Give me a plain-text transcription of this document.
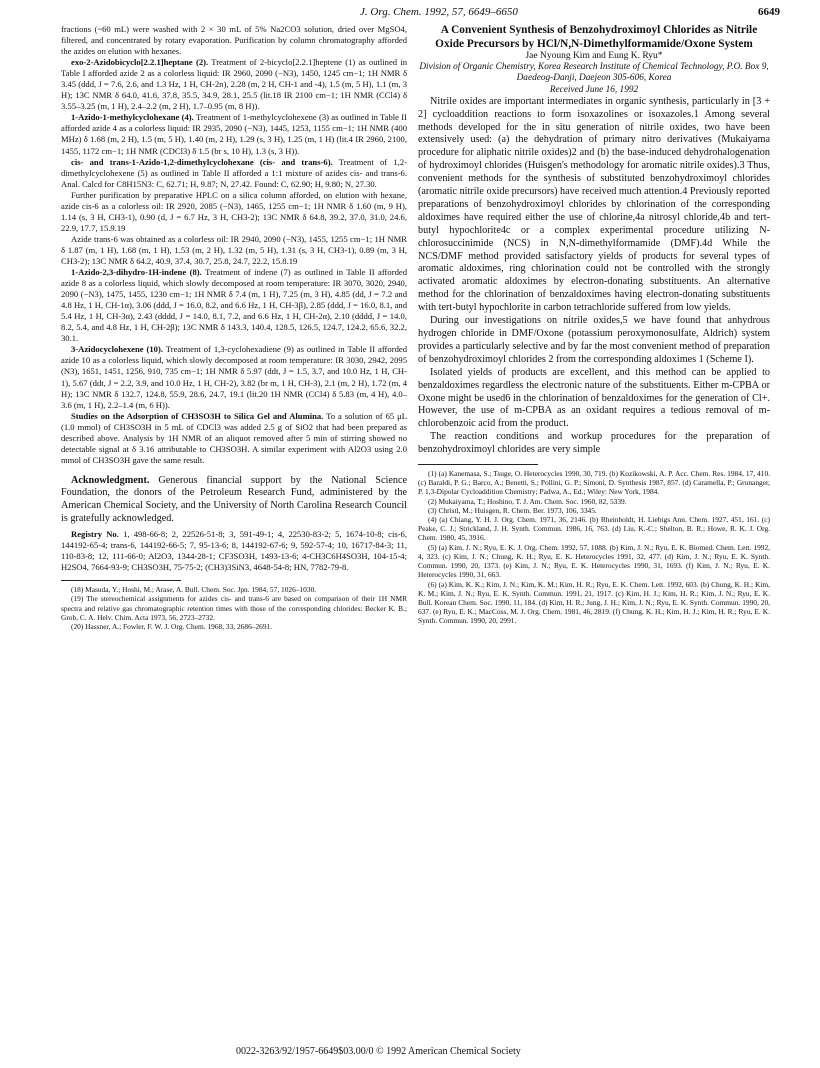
J. Org. Chem. 1992, 57, 6649–6650	6649

fractions (~60 mL) were washed with 2 × 30 mL of 5% Na2CO3 solution, dried over MgSO4, filtered, and concentrated by rotary evaporation. Purification by column chromatography afforded the azides on elution with hexanes.

exo-2-Azidobicyclo[2.2.1]heptane (2). Treatment of 2-bicyclo[2.2.1]heptene (1) as outlined in Table I afforded azide 2 as a colorless liquid: IR 2960, 2090 (−N3), 1450, 1245 cm−1; 1H NMR δ 3.45 (ddd, J = 7.6, 2.6, and 1.3 Hz, 1 H, CH-2n), 2.28 (m, 2 H, CH-1 and -4), 1.5 (m, 5 H), 1.1 (m, 3 H); 13C NMR δ 64.0, 41.6, 37.8, 35.5, 34.9, 28.1, 25.5 (lit.18 IR 2100 cm−1; 1H NMR (CCl4) δ 3.55–3.25 (m, 1 H), 2.4–2.2 (m, 2 H), 1.7–0.95 (m, 8 H)).

1-Azido-1-methylcyclohexane (4). Treatment of 1-methylcyclohexene (3) as outlined in Table II afforded azide 4 as a colorless liquid: IR 2935, 2090 (−N3), 1445, 1253, 1155 cm−1; 1H NMR (400 MHz) δ 1.68 (m, 2 H), 1.5 (m, 5 H), 1.40 (m, 2 H), 1.29 (s, 3 H), 1.25 (m, 1 H) (lit.4 IR 2960, 2100, 1455, 1172 cm−1; 1H NMR (CDCl3) δ 1.5 (br s, 10 H), 1.3 (s, 3 H)).

cis- and trans-1-Azido-1,2-dimethylcyclohexane (cis- and trans-6). Treatment of 1,2-dimethylcyclohexene (5) as outlined in Table II afforded a 1:1 mixture of azides cis- and trans-6. Anal. Calcd for C8H15N3: C, 62.71; H, 9.87; N, 27.42. Found: C, 62.90; H, 9.80; N, 27.30.

Further purification by preparative HPLC on a silica column afforded, on elution with hexane, azide cis-6 as a colorless oil: IR 2920, 2085 (−N3), 1465, 1255 cm−1; 1H NMR δ 1.60 (m, 9 H), 1.14 (s, 3 H, CH3-1), 0.90 (d, J = 6.7 Hz, 3 H, CH3-2); 13C NMR δ 64.8, 39.2, 37.0, 31.0, 24.6, 22.9, 17.7, 15.9.19

Azide trans-6 was obtained as a colorless oil: IR 2940, 2090 (−N3), 1455, 1255 cm−1; 1H NMR δ 1.87 (m, 1 H), 1.68 (m, 1 H), 1.53 (m, 2 H), 1.32 (m, 5 H), 1.31 (s, 3 H, CH3-1), 0.89 (m, 3 H, CH3-2); 13C NMR δ 64.2, 40.9, 37.4, 30.7, 25.8, 24.7, 22.2, 15.8.19

1-Azido-2,3-dihydro-1H-indene (8). Treatment of indene (7) as outlined in Table II afforded azide 8 as a colorless liquid, which slowly decomposed at room temperature: IR 3070, 3020, 2940, 2090 (−N3), 1475, 1455, 1230 cm−1; 1H NMR δ 7.4 (m, 1 H), 7.25 (m, 3 H), 4.85 (dd, J = 7.2 and 4.8 Hz, 1 H, CH-1α), 3.06 (ddd, J = 16.0, 8.2, and 6.6 Hz, 1 H, CH-3β), 2.85 (ddd, J = 16.0, 8.1, and 5.4 Hz, 1 H, CH-3α), 2.43 (dddd, J = 14.0, 8.1, 7.2, and 6.6 Hz, 1 H, CH-2α), 2.10 (dddd, J = 14.0, 8.2, 5.4, and 4.8 Hz, 1 H, CH-2β); 13C NMR δ 143.3, 140.4, 128.5, 126.5, 124.7, 124.2, 65.6, 32.2, 30.1.

3-Azidocyclohexene (10). Treatment of 1,3-cyclohexadiene (9) as outlined in Table II afforded azide 10 as a colorless liquid, which slowly decomposed at room temperature: IR 3030, 2942, 2095 (N3), 1651, 1451, 1256, 910, 735 cm−1; 1H NMR δ 5.97 (ddt, J = 1.5, 3.7, and 10.0 Hz, 1 H, CH-1), 5.67 (ddt, J = 2.2, 3.9, and 10.0 Hz, 1 H, CH-2), 3.82 (br m, 1 H, CH-3), 2.1 (m, 2 H), 1.72 (m, 4 H); 13C NMR δ 132.7, 124.8, 55.9, 28.6, 24.7, 19.1 (lit.20 1H NMR (CCl4) δ 5.83 (m, 4 H), 4.0–3.6 (m, 1 H), 2.2–1.4 (m, 6 H)).

Studies on the Adsorption of CH3SO3H to Silica Gel and Alumina. To a solution of 65 μL (1.0 mmol) of CH3SO3H in 5 mL of CDCl3 was added 2.5 g of SiO2 that had been prepared as described above. Analysis by 1H NMR of an aliquot removed after 5 min of stirring showed no detectable signal at δ 3.16 attributable to CH3SO3H. A similar experiment with Al2O3 using 2.0 mmol of CH3SO3H gave the same result.

Acknowledgment. Generous financial support by the National Science Foundation, the donors of the Petroleum Research Fund, administered by the American Chemical Society, and the University of North Carolina Research Council is gratefully acknowledged.

Registry No. 1, 498-66-8; 2, 22526-51-8; 3, 591-49-1; 4, 22530-83-2; 5, 1674-10-8; cis-6, 144192-65-4; trans-6, 144192-66-5; 7, 95-13-6; 8, 144192-67-6; 9, 592-57-4; 10, 16717-84-3; 11, 110-83-8; 12, 111-66-0; Al2O3, 1344-28-1; CF3SO3H, 1493-13-6; 4-CH3C6H4SO3H, 104-15-4; H2SO4, 7664-93-9; CH3SO3H, 75-75-2; (CH3)3SiN3, 4648-54-8; HN, 7782-79-8.

(18) Masuda, Y.; Hoshi, M.; Arase, A. Bull. Chem. Soc. Jpn. 1984, 57, 1026–1030.

(19) The stereochemical assignments for azides cis- and trans-6 are based on comparison of their 1H NMR spectra and relative gas chromatographic retention times with those of the corresponding chlorides: Becker K. B.; Grob, C. A. Helv. Chim. Acta 1973, 56, 2723–2732.

(20) Hassner, A.; Fowler, F. W. J. Org. Chem. 1968, 33, 2686–2691.

A Convenient Synthesis of Benzohydroximoyl Chlorides as Nitrile Oxide Precursors by HCl/N,N-Dimethylformamide/Oxone System

Jae Nyoung Kim and Eung K. Ryu*

Division of Organic Chemistry, Korea Research Institute of Chemical Technology, P.O. Box 9, Daedeog-Danji, Daejeon 305-606, Korea

Received June 16, 1992

Nitrile oxides are important intermediates in organic synthesis, particularly in [3 + 2] cycloaddition reactions to form isoxazolines or isoxazoles.1 Among several methods developed for the in situ generation of nitrile oxides, two have been extensively used: (a) the dehydration of primary nitro derivatives (Mukaiyama procedure for aliphatic nitrile oxides)2 and (b) the base-induced dehydrohalogenation of hydroximoyl chlorides (Huisgen's methodology for aromatic nitrile oxides).3 Thus, convenient methods for the synthesis of substituted benzohydroximoyl chlorides (aromatic nitrile oxide precursors) have received much attention.4 Previously reported preparations of benzohydroximoyl chlorides by chlorination of the corresponding aldoximes have required either the use of chlorine,4a nitrosyl chloride,4b and tert-butyl hypochlorite4c or a complex experimental procedure utilizing N-chlorosuccinimide (NCS) in N,N-dimethylformamide (DMF).4d While the NCS/DMF method provided satisfactory yields of products for several types of aromatic aldoximes, ring chlorination could not be controlled with the strongly activated aromatic aldoximes by electron-donating substituents. An alternative method for the chlorination of benzaldoximes having electron-donating substituents with tert-butyl hypochlorite in carbon tetrachloride suffered from low yields.

During our investigations on nitrile oxides,5 we have found that anhydrous hydrogen chloride in DMF/Oxone (potassium peroxymonosulfate, Aldrich) system provides a particularly selective and by far the most convenient method of preparation of benzohydroximoyl chlorides 2 from the corresponding aldoximes 1 (Scheme I).

Isolated yields of products are excellent, and this method can be applied to benzaldoximes regardless the electronic nature of the substituents. Either m-CPBA or Oxone might be used6 in the chlorination of benzaldoximes for the generation of Cl+. However, the use of m-CPBA as an oxidant requires a tedious removal of m-chlorobenzoic acid from the product.

The reaction conditions and workup procedures for the preparation of benzohydroximoyl chlorides are very simple

(1) (a) Kanemasa, S.; Tsuge, O. Heterocycles 1990, 30, 719. (b) Kozikowski, A. P. Acc. Chem. Res. 1984, 17, 410. (c) Baraldi, P. G.; Barco, A.; Benetti, S.; Pollini, G. P.; Simoni, D. Synthesis 1987, 857. (d) Caramella, P.; Grunanger, P. 1,3-Dipolar Cycloaddition Chemistry; Padwa, A., Ed.; Wiley: New York, 1984.

(2) Mukaiyama, T.; Hoshino, T. J. Am. Chem. Soc. 1960, 82, 5339.

(3) Christl, M.; Huisgen, R. Chem. Ber. 1973, 106, 3345.

(4) (a) Chiang, Y. H. J. Org. Chem. 1971, 36, 2146. (b) Rheinboldt, H. Liebigs Ann. Chem. 1927, 451, 161. (c) Peake, C. J.; Strickland, J. H. Synth. Commun. 1986, 16, 763. (d) Liu, K.-C.; Shelton, B. R.; Howe, R. K. J. Org. Chem. 1980, 45, 3916.

(5) (a) Kim, J. N.; Ryu, E. K. J. Org. Chem. 1992, 57, 1088. (b) Kim, J. N.; Ryu, E. K. Biomed. Chem. Lett. 1992, 4, 323. (c) Kim, J. N.; Chung, K. H.; Ryu, E. K. Heterocycles 1991, 32, 477. (d) Kim, J. N.; Ryu, E. K. Synth. Commun. 1990, 20, 1373. (e) Kim, J. N.; Ryu, E. K. Heterocycles 1990, 31, 1693. (f) Kim, J. N.; Ryu, E. K. Heterocycles 1990, 31, 663.

(6) (a) Kim, K. K.; Kim, J. N.; Kim, K. M.; Kim, H. R.; Ryu, E. K. Chem. Lett. 1992, 603. (b) Chung, K. H.; Kim, K. M.; Kim, J. N.; Ryu, E. K. Synth. Commun. 1991, 21, 1917. (c) Kim, H. J.; Kim, H. R.; Kim, J. N.; Ryu, E. K. Bull. Korean Chem. Soc. 1990, 11, 184. (d) Kim, H. R.; Jung, J. H.; Kim, J. N.; Ryu, E. K. Synth. Commun. 1990, 20, 637. (e) Ryu, E. K.; MacCoss, M. J. Org. Chem. 1981, 46, 2819. (f) Chung, K. H.; Kim, H. J.; Kim, H. R.; Ryu, E. K. Synth. Commun. 1990, 20, 2991.

0022-3263/92/1957-6649$03.00/0 © 1992 American Chemical Society
